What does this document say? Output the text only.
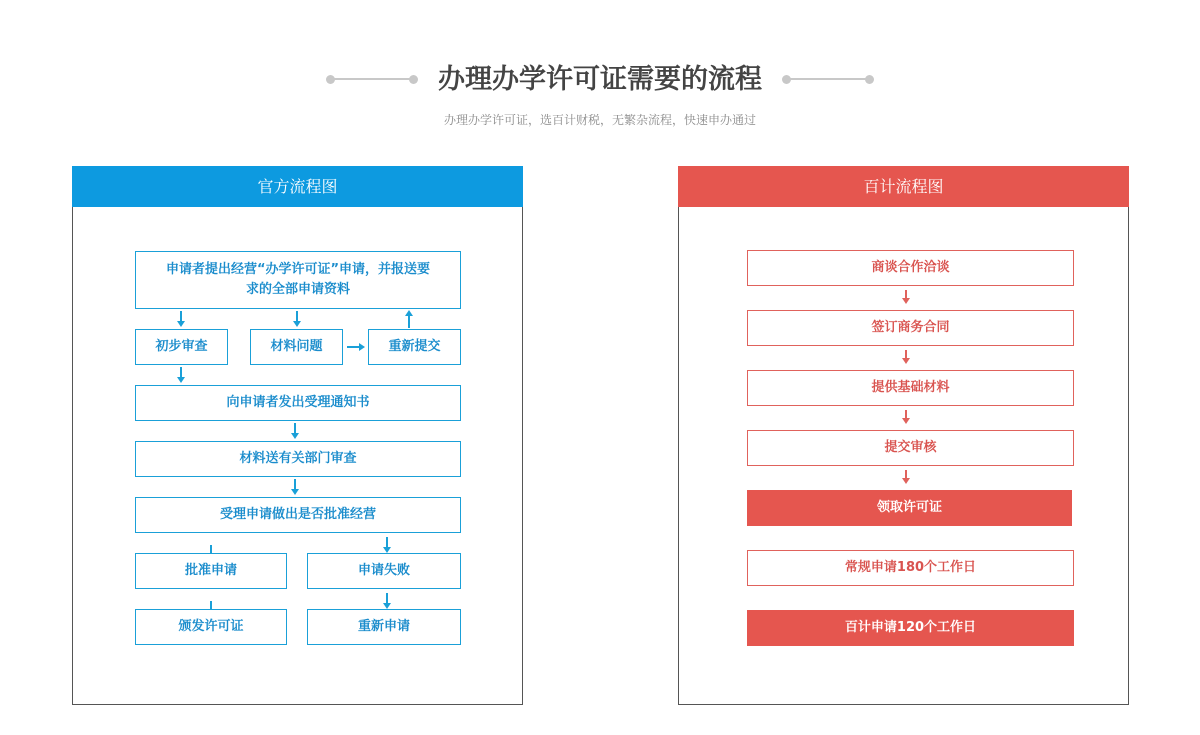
办理办学许可证需要的流程

办理办学许可证，选百计财税，无繁杂流程，快速申办通过

官方流程图
申请者提出经营“办学许可证”申请，并报送要求的全部申请资料
初步审查	材料问题	重新提交
向申请者发出受理通知书
材料送有关部门审查
受理申请做出是否批准经营
批准申请	申请失败
颁发许可证	重新申请
百计流程图
商谈合作洽谈
签订商务合同
提供基础材料
提交审核
领取许可证
常规申请180个工作日
百计申请120个工作日
